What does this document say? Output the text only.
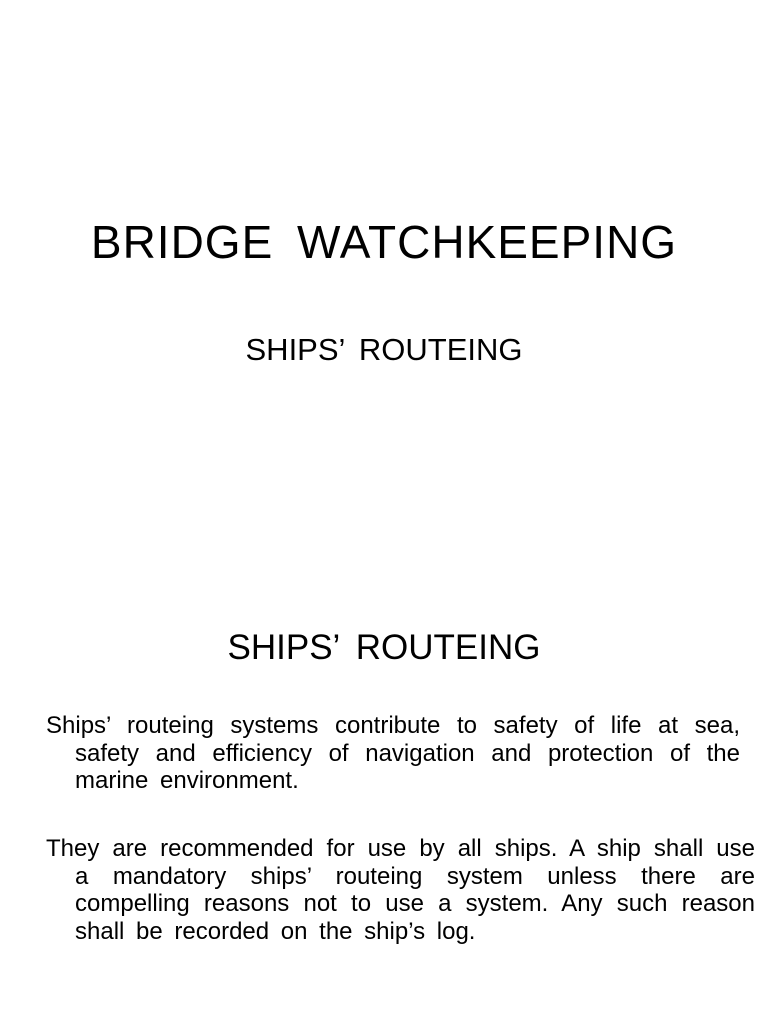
BRIDGE WATCHKEEPING
SHIPS’ ROUTEING
SHIPS’ ROUTEING

Ships’ routeing systems contribute to safety of life at sea, safety and efficiency of navigation and protection of the marine environment.

They are recommended for use by all ships. A ship shall use a mandatory ships’ routeing system unless there are compelling reasons not to use a system. Any such reason shall be recorded on the ship’s log.
